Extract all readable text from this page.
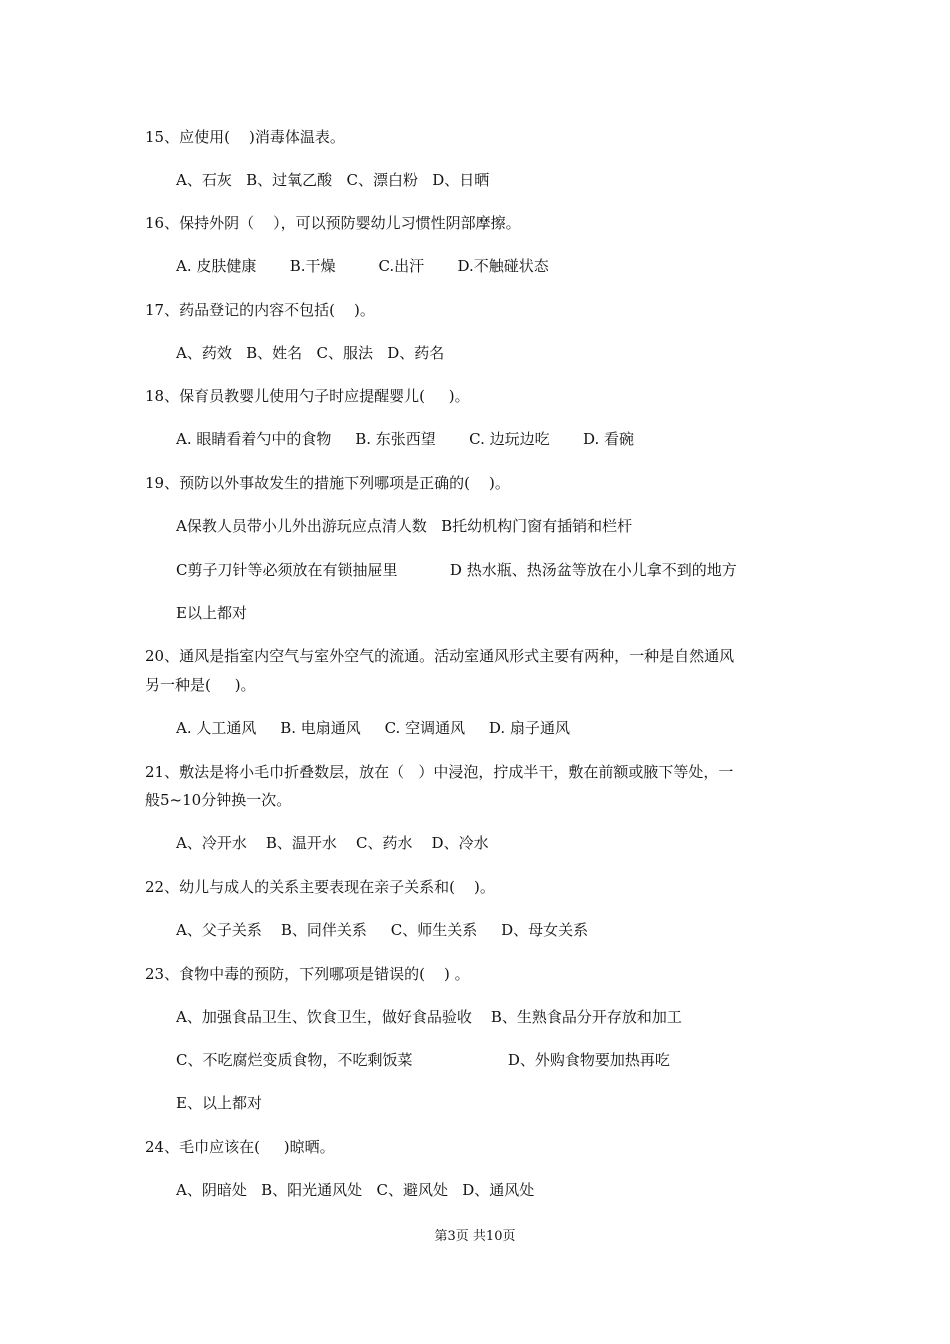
15、应使用(    )消毒体温表。
A、石灰   B、过氧乙酸   C、漂白粉   D、日晒
16、保持外阴（    ），可以预防婴幼儿习惯性阴部摩擦。
A. 皮肤健康       B.干燥         C.出汗       D.不触碰状态
17、药品登记的内容不包括(    )。
A、药效   B、姓名   C、服法   D、药名
18、保育员教婴儿使用勺子时应提醒婴儿(     )。
A. 眼睛看着勺中的食物     B. 东张西望       C. 边玩边吃       D. 看碗
19、预防以外事故发生的措施下列哪项是正确的(    )。
A保教人员带小儿外出游玩应点清人数   B托幼机构门窗有插销和栏杆
C剪子刀针等必须放在有锁抽屉里           D 热水瓶、热汤盆等放在小儿拿不到的地方
E以上都对
20、通风是指室内空气与室外空气的流通。活动室通风形式主要有两种，一种是自然通风
另一种是(     )。
A. 人工通风     B. 电扇通风     C. 空调通风     D. 扇子通风
21、敷法是将小毛巾折叠数层，放在（   ）中浸泡，拧成半干，敷在前额或腋下等处，一
般5~10分钟换一次。
A、冷开水    B、温开水    C、药水    D、冷水
22、幼儿与成人的关系主要表现在亲子关系和(    )。
A、父子关系    B、同伴关系     C、师生关系     D、母女关系
23、食物中毒的预防，下列哪项是错误的(    ) 。
A、加强食品卫生、饮食卫生，做好食品验收    B、生熟食品分开存放和加工
C、不吃腐烂变质食物，不吃剩饭菜                    D、外购食物要加热再吃
E、以上都对
24、毛巾应该在(     )晾晒。
A、阴暗处   B、阳光通风处   C、避风处   D、通风处
第3页 共10页
